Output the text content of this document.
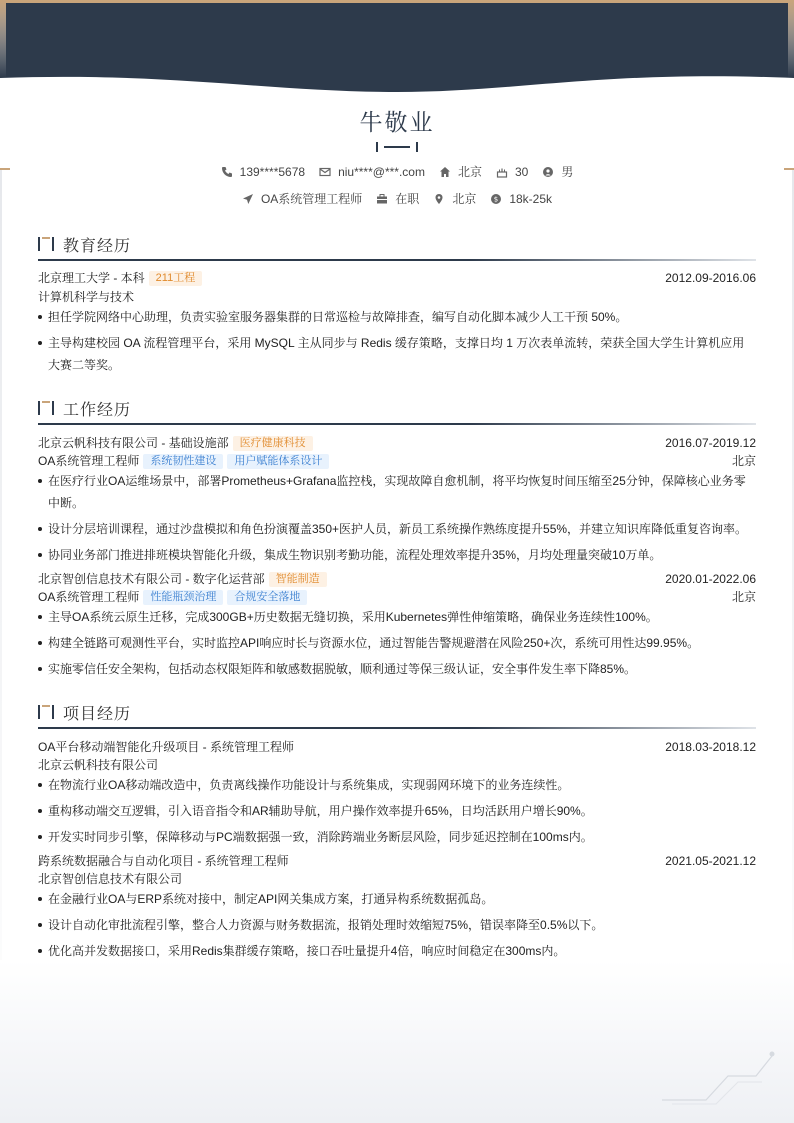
牛敬业
139****5678	niu****@***.com	北京	30	男
OA系统管理工程师	在职	北京	$ 18k-25k
教育经历
北京理工大学 - 本科 211工程	2012.09-2016.06
计算机科学与技术
担任学院网络中心助理，负责实验室服务器集群的日常巡检与故障排查，编写自动化脚本减少人工干预 50%。
主导构建校园 OA 流程管理平台，采用 MySQL 主从同步与 Redis 缓存策略，支撑日均 1 万次表单流转，荣获全国大学生计算机应用大赛二等奖。
工作经历
北京云帆科技有限公司 - 基础设施部 医疗健康科技	2016.07-2019.12
OA系统管理工程师 系统韧性建设 用户赋能体系设计	北京
在医疗行业OA运维场景中，部署Prometheus+Grafana监控栈，实现故障自愈机制，将平均恢复时间压缩至25分钟，保障核心业务零中断。
设计分层培训课程，通过沙盘模拟和角色扮演覆盖350+医护人员，新员工系统操作熟练度提升55%，并建立知识库降低重复咨询率。
协同业务部门推进排班模块智能化升级，集成生物识别考勤功能，流程处理效率提升35%，月均处理量突破10万单。
北京智创信息技术有限公司 - 数字化运营部 智能制造	2020.01-2022.06
OA系统管理工程师 性能瓶颈治理 合规安全落地	北京
主导OA系统云原生迁移，完成300GB+历史数据无缝切换，采用Kubernetes弹性伸缩策略，确保业务连续性100%。
构建全链路可观测性平台，实时监控API响应时长与资源水位，通过智能告警规避潜在风险250+次，系统可用性达99.95%。
实施零信任安全架构，包括动态权限矩阵和敏感数据脱敏，顺利通过等保三级认证，安全事件发生率下降85%。
项目经历
OA平台移动端智能化升级项目 - 系统管理工程师	2018.03-2018.12
北京云帆科技有限公司
在物流行业OA移动端改造中，负责离线操作功能设计与系统集成，实现弱网环境下的业务连续性。
重构移动端交互逻辑，引入语音指令和AR辅助导航，用户操作效率提升65%，日均活跃用户增长90%。
开发实时同步引擎，保障移动与PC端数据强一致，消除跨端业务断层风险，同步延迟控制在100ms内。
跨系统数据融合与自动化项目 - 系统管理工程师	2021.05-2021.12
北京智创信息技术有限公司
在金融行业OA与ERP系统对接中，制定API网关集成方案，打通异构系统数据孤岛。
设计自动化审批流程引擎，整合人力资源与财务数据流，报销处理时效缩短75%，错误率降至0.5%以下。
优化高并发数据接口，采用Redis集群缓存策略，接口吞吐量提升4倍，响应时间稳定在300ms内。
